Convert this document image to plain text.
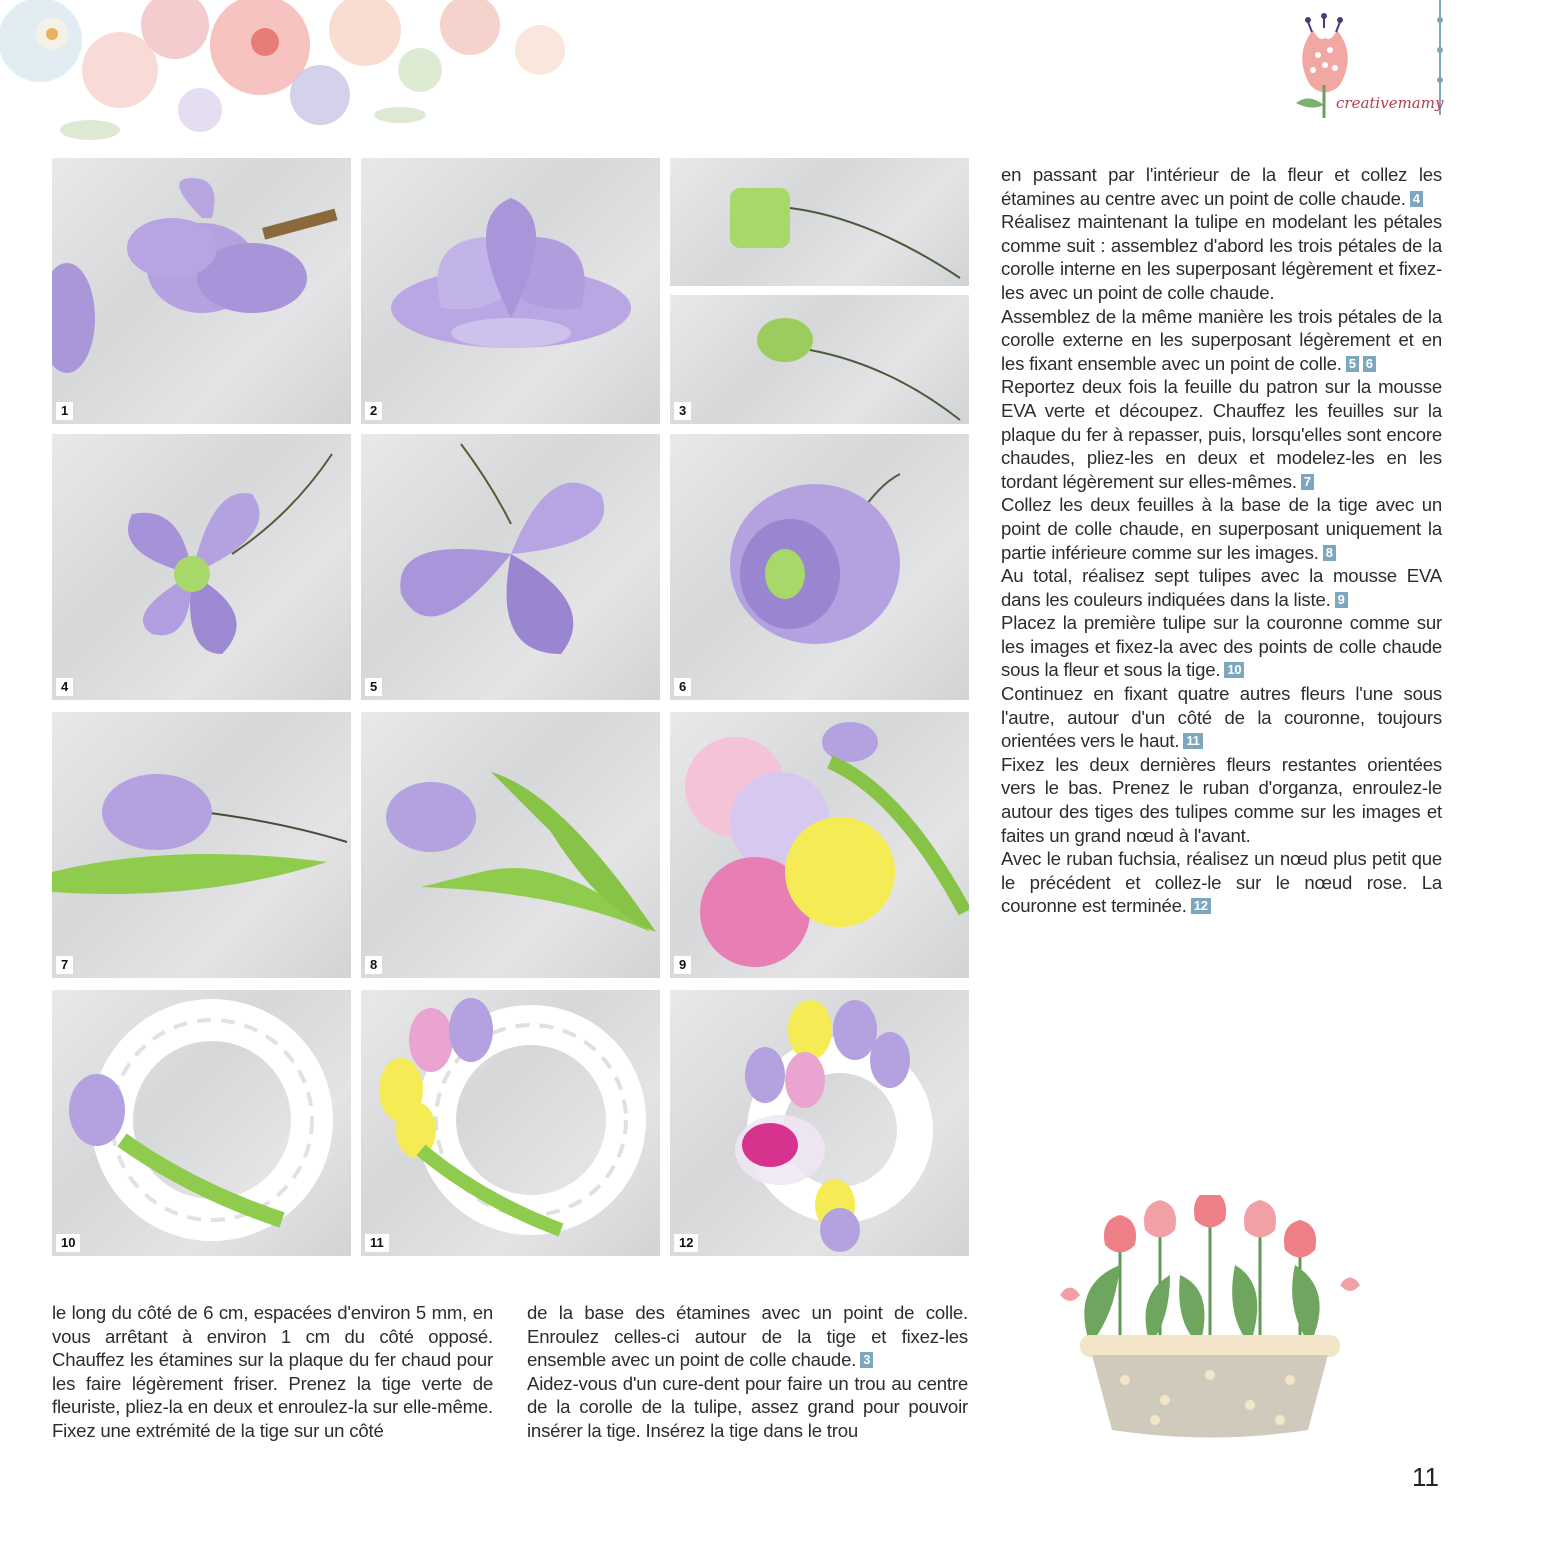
creativemamy
1	2	3
4	5	6
7	8	9
10	11	12

en passant par l'intérieur de la fleur et collez les étamines au centre avec un point de colle chaude. 4

Réalisez maintenant la tulipe en modelant les pétales comme suit : assemblez d'abord les trois pétales de la corolle interne en les superposant légèrement et fixez-les avec un point de colle chaude.

Assemblez de la même manière les trois pétales de la corolle externe en les superposant légèrement et en les fixant ensemble avec un point de colle. 5 6

Reportez deux fois la feuille du patron sur la mousse EVA verte et découpez. Chauffez les feuilles sur la plaque du fer à repasser, puis, lorsqu'elles sont encore chaudes, pliez-les en deux et modelez-les en les tordant légèrement sur elles-mêmes. 7

Collez les deux feuilles à la base de la tige avec un point de colle chaude, en superposant uniquement la partie inférieure comme sur les images. 8

Au total, réalisez sept tulipes avec la mousse EVA dans les couleurs indiquées dans la liste. 9

Placez la première tulipe sur la couronne comme sur les images et fixez-la avec des points de colle chaude sous la fleur et sous la tige. 10

Continuez en fixant quatre autres fleurs l'une sous l'autre, autour d'un côté de la couronne, toujours orientées vers le haut. 11

Fixez les deux dernières fleurs restantes orientées vers le bas. Prenez le ruban d'organza, enroulez-le autour des tiges des tulipes comme sur les images et faites un grand nœud à l'avant.

Avec le ruban fuchsia, réalisez un nœud plus petit que le précédent et collez-le sur le nœud rose. La couronne est terminée. 12

le long du côté de 6 cm, espacées d'environ 5 mm, en vous arrêtant à environ 1 cm du côté opposé. Chauffez les étamines sur la plaque du fer chaud pour les faire légèrement friser. Prenez la tige verte de fleuriste, pliez-la en deux et enroulez-la sur elle-même. Fixez une extrémité de la tige sur un côté

de la base des étamines avec un point de colle. Enroulez celles-ci autour de la tige et fixez-les ensemble avec un point de colle chaude. 3

Aidez-vous d'un cure-dent pour faire un trou au centre de la corolle de la tulipe, assez grand pour pouvoir insérer la tige. Insérez la tige dans le trou

11
